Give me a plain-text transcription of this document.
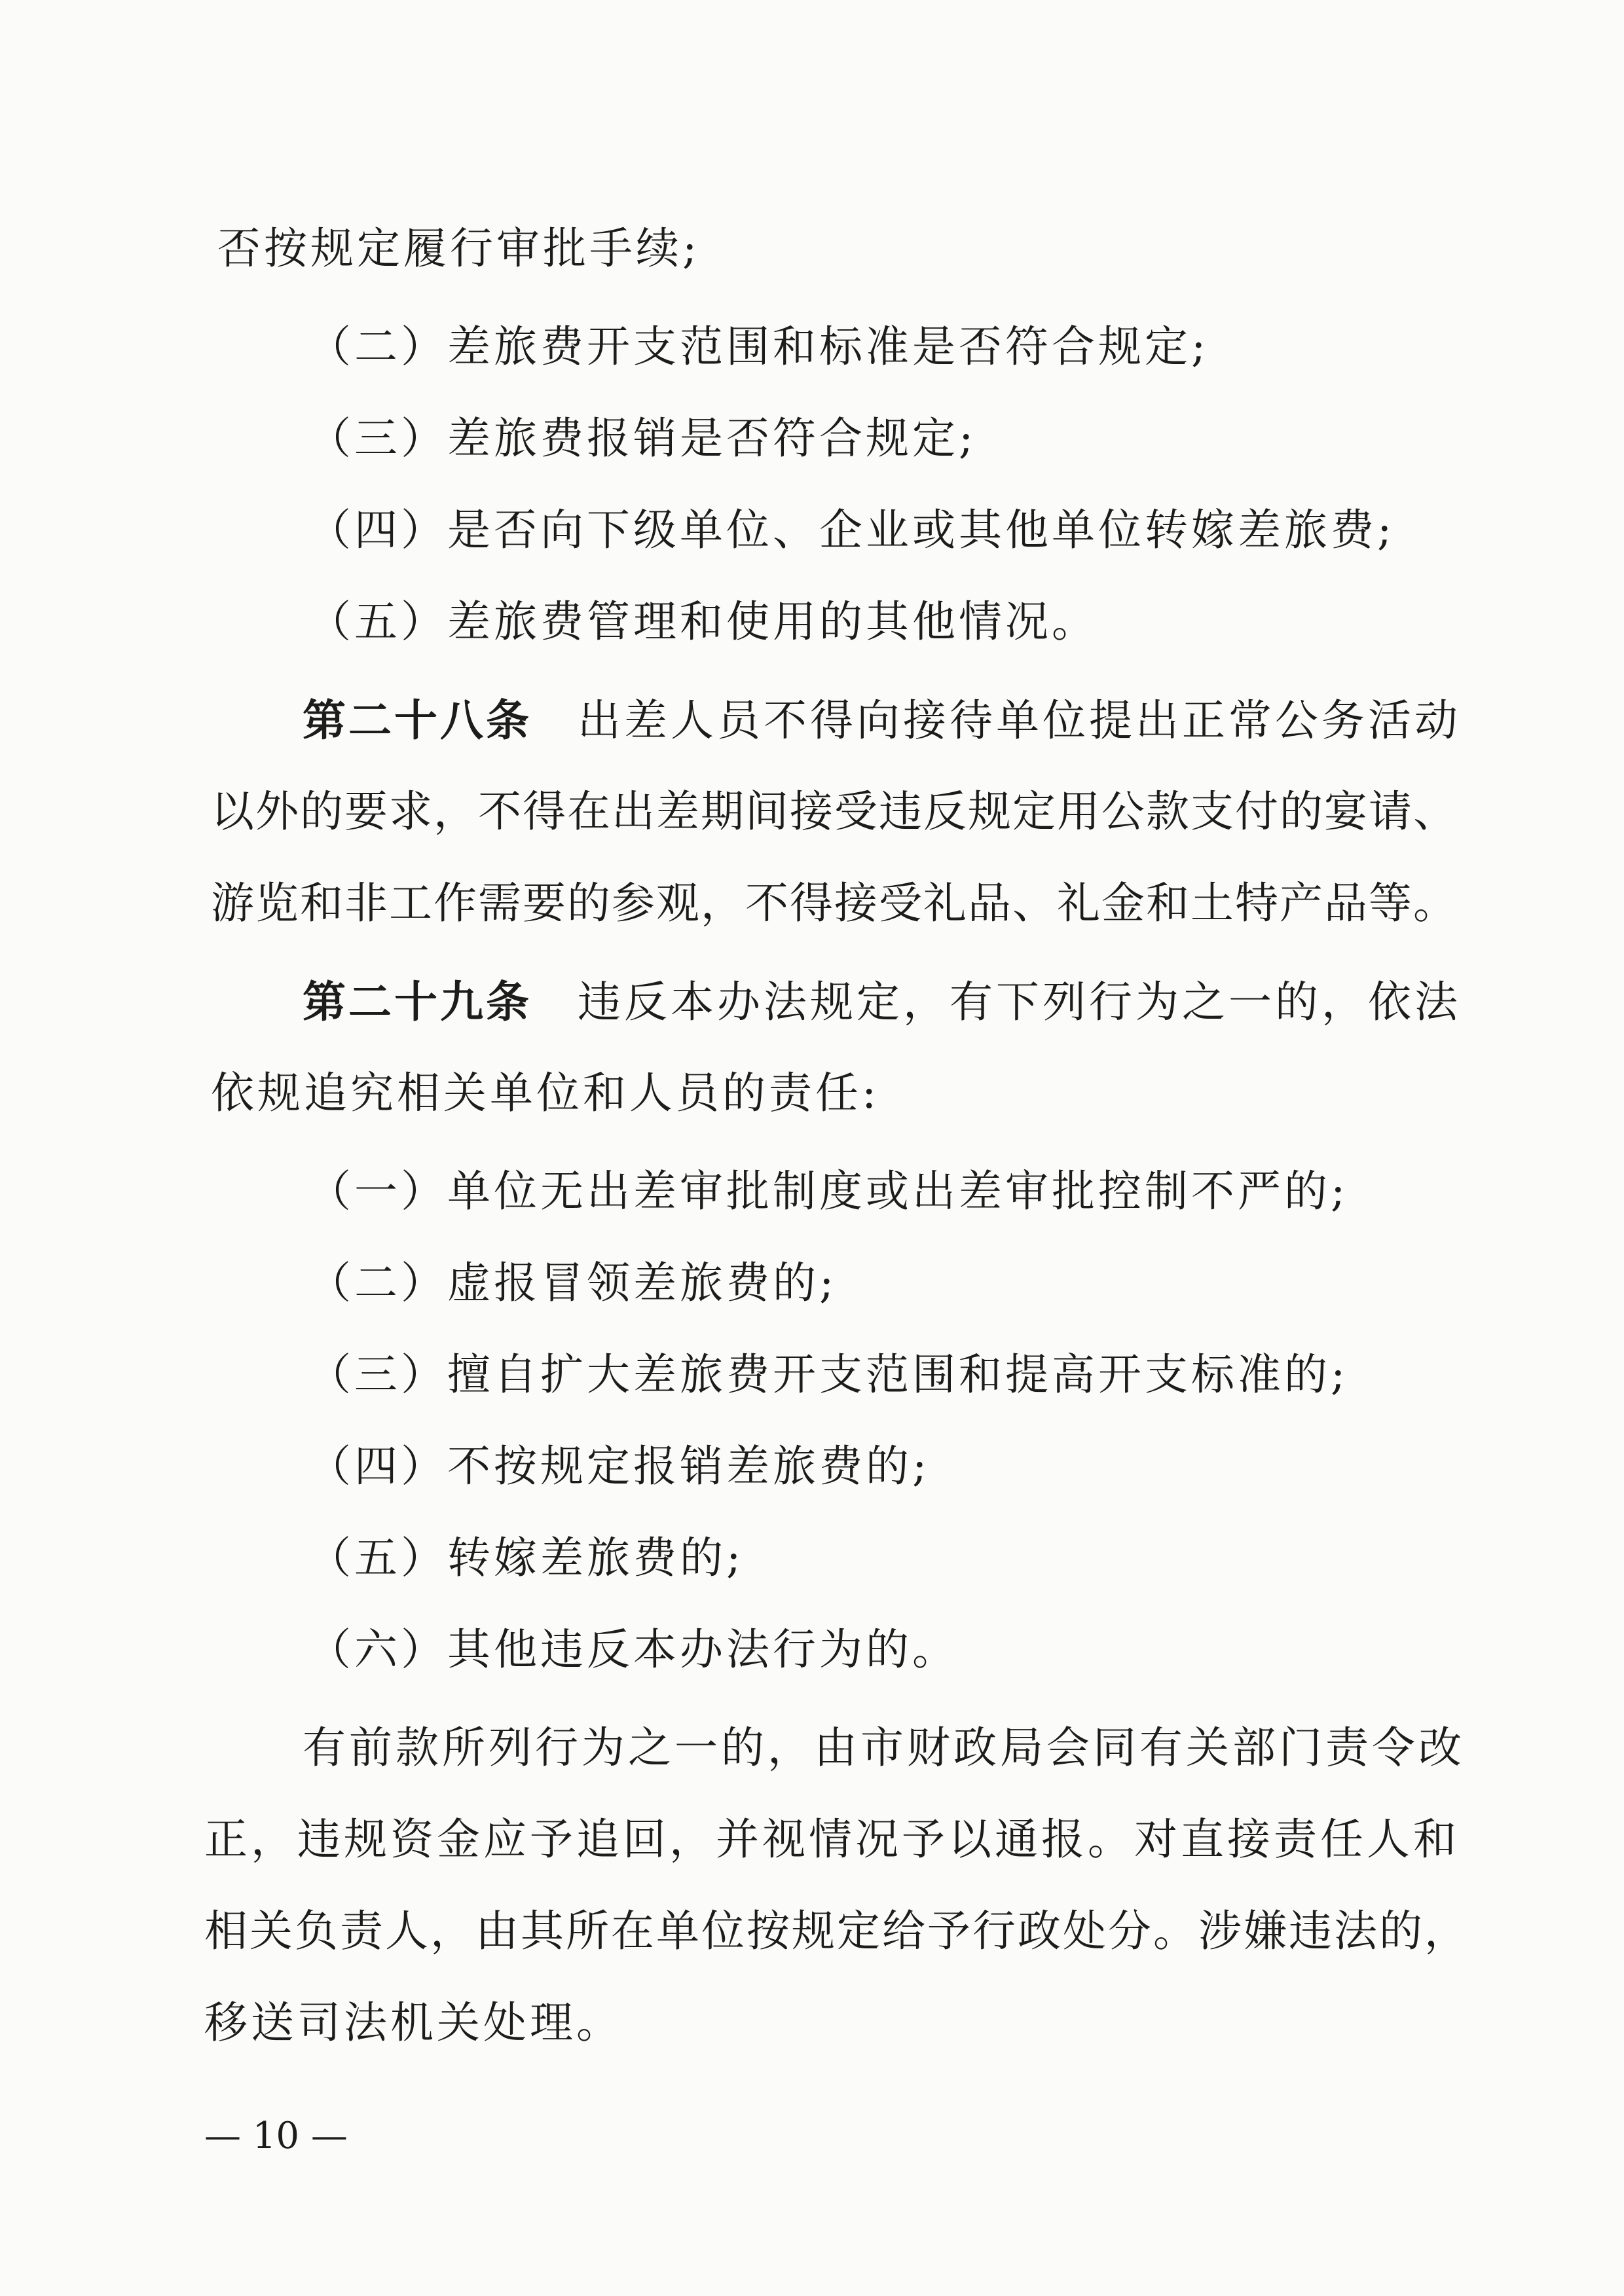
否按规定履行审批手续;
（二）差旅费开支范围和标准是否符合规定;
（三）差旅费报销是否符合规定;
（四）是否向下级单位、企业或其他单位转嫁差旅费;
（五）差旅费管理和使用的其他情况。
第二十八条 出差人员不得向接待单位提出正常公务活动
以外的要求，不得在出差期间接受违反规定用公款支付的宴请、
游览和非工作需要的参观，不得接受礼品、礼金和土特产品等。
第二十九条 违反本办法规定，有下列行为之一的，依法
依规追究相关单位和人员的责任:
（一）单位无出差审批制度或出差审批控制不严的;
（二）虚报冒领差旅费的;
（三）擅自扩大差旅费开支范围和提高开支标准的;
（四）不按规定报销差旅费的;
（五）转嫁差旅费的;
（六）其他违反本办法行为的。
有前款所列行为之一的，由市财政局会同有关部门责令改
正，违规资金应予追回，并视情况予以通报。对直接责任人和
相关负责人，由其所在单位按规定给予行政处分。涉嫌违法的，
移送司法机关处理。
— 10 —
